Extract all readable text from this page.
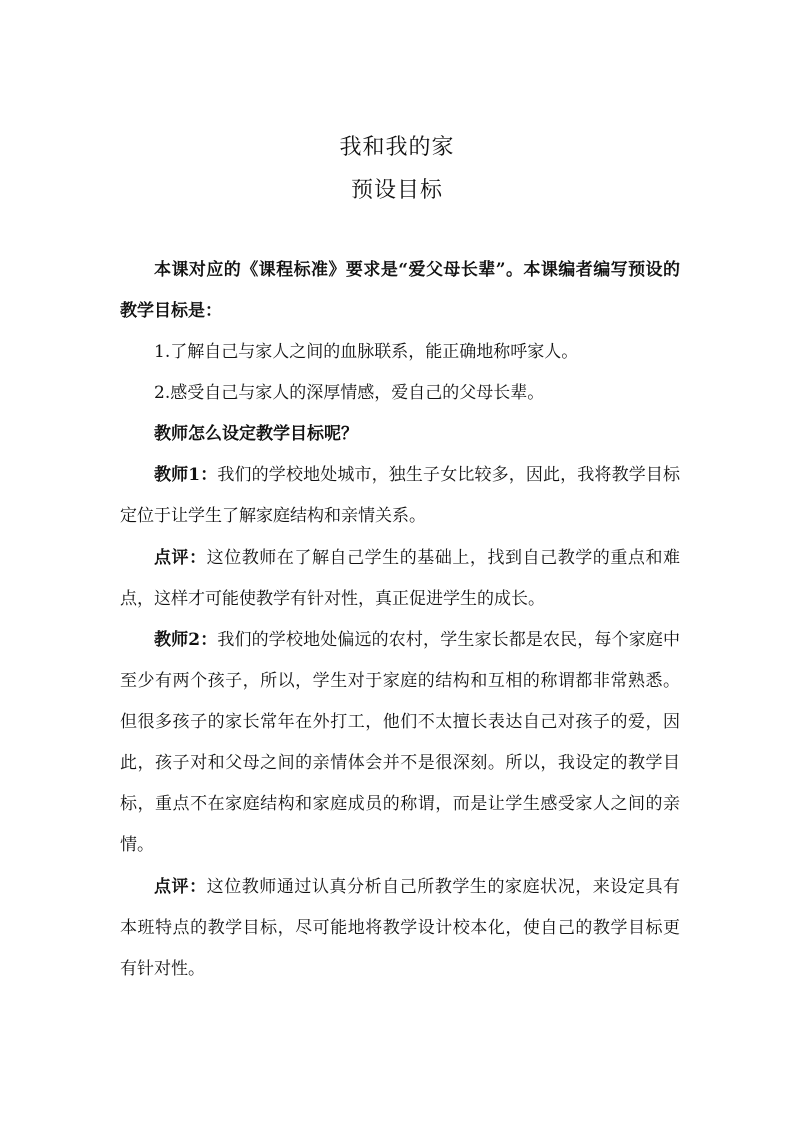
我和我的家
预设目标

本课对应的《课程标准》要求是“爱父母长辈”。本课编者编写预设的教学目标是：

1.了解自己与家人之间的血脉联系，能正确地称呼家人。
2.感受自己与家人的深厚情感，爱自己的父母长辈。
教师怎么设定教学目标呢？

教师1：我们的学校地处城市，独生子女比较多，因此，我将教学目标定位于让学生了解家庭结构和亲情关系。

点评：这位教师在了解自己学生的基础上，找到自己教学的重点和难点，这样才可能使教学有针对性，真正促进学生的成长。

教师2：我们的学校地处偏远的农村，学生家长都是农民，每个家庭中至少有两个孩子，所以，学生对于家庭的结构和互相的称谓都非常熟悉。但很多孩子的家长常年在外打工，他们不太擅长表达自己对孩子的爱，因此，孩子对和父母之间的亲情体会并不是很深刻。所以，我设定的教学目标，重点不在家庭结构和家庭成员的称谓，而是让学生感受家人之间的亲情。

点评：这位教师通过认真分析自己所教学生的家庭状况，来设定具有本班特点的教学目标，尽可能地将教学设计校本化，使自己的教学目标更有针对性。
